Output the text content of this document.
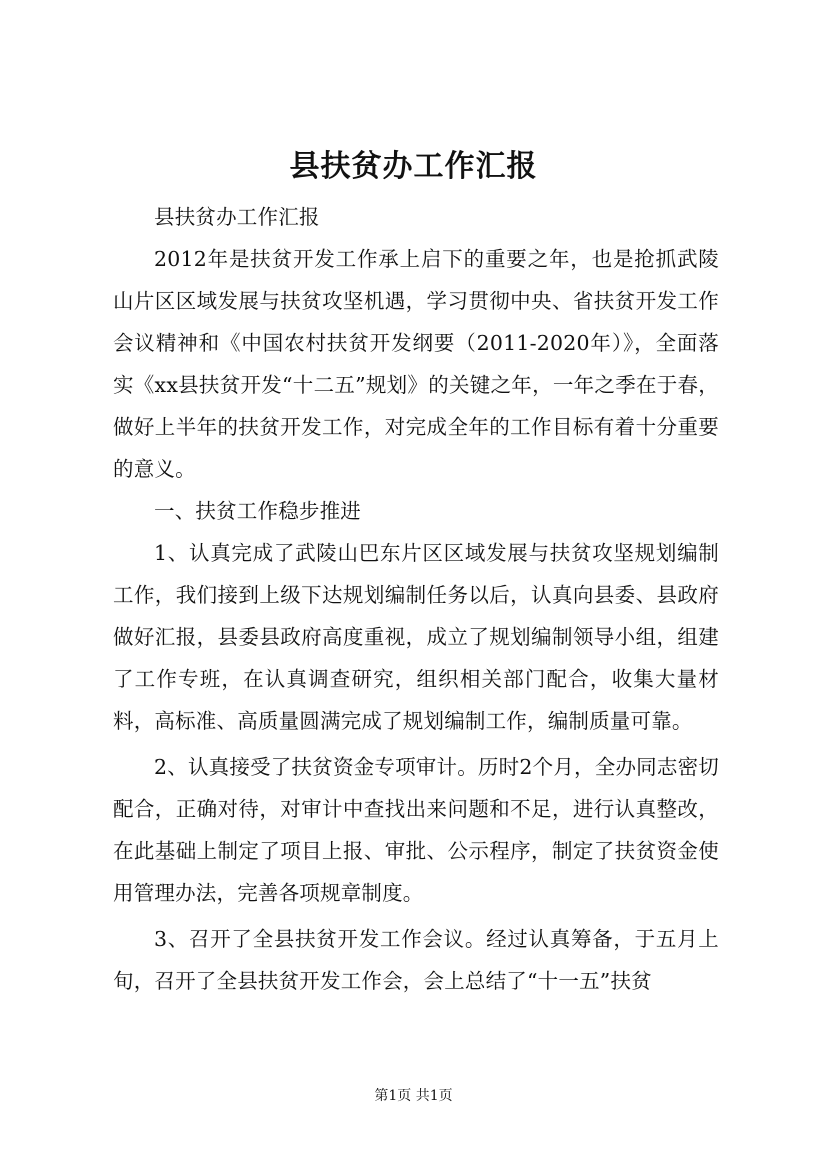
县扶贫办工作汇报

县扶贫办工作汇报

2012年是扶贫开发工作承上启下的重要之年，也是抢抓武陵山片区区域发展与扶贫攻坚机遇，学习贯彻中央、省扶贫开发工作会议精神和《中国农村扶贫开发纲要（2011-2020年）》，全面落实《xx县扶贫开发“十二五”规划》的关键之年，一年之季在于春，做好上半年的扶贫开发工作，对完成全年的工作目标有着十分重要的意义。

一、扶贫工作稳步推进

1、认真完成了武陵山巴东片区区域发展与扶贫攻坚规划编制工作，我们接到上级下达规划编制任务以后，认真向县委、县政府做好汇报，县委县政府高度重视，成立了规划编制领导小组，组建了工作专班，在认真调查研究，组织相关部门配合，收集大量材料，高标准、高质量圆满完成了规划编制工作，编制质量可靠。

2、认真接受了扶贫资金专项审计。历时2个月，全办同志密切配合，正确对待，对审计中查找出来问题和不足，进行认真整改，在此基础上制定了项目上报、审批、公示程序，制定了扶贫资金使用管理办法，完善各项规章制度。

3、召开了全县扶贫开发工作会议。经过认真筹备，于五月上旬，召开了全县扶贫开发工作会，会上总结了“十一五”扶贫

第1页 共1页
